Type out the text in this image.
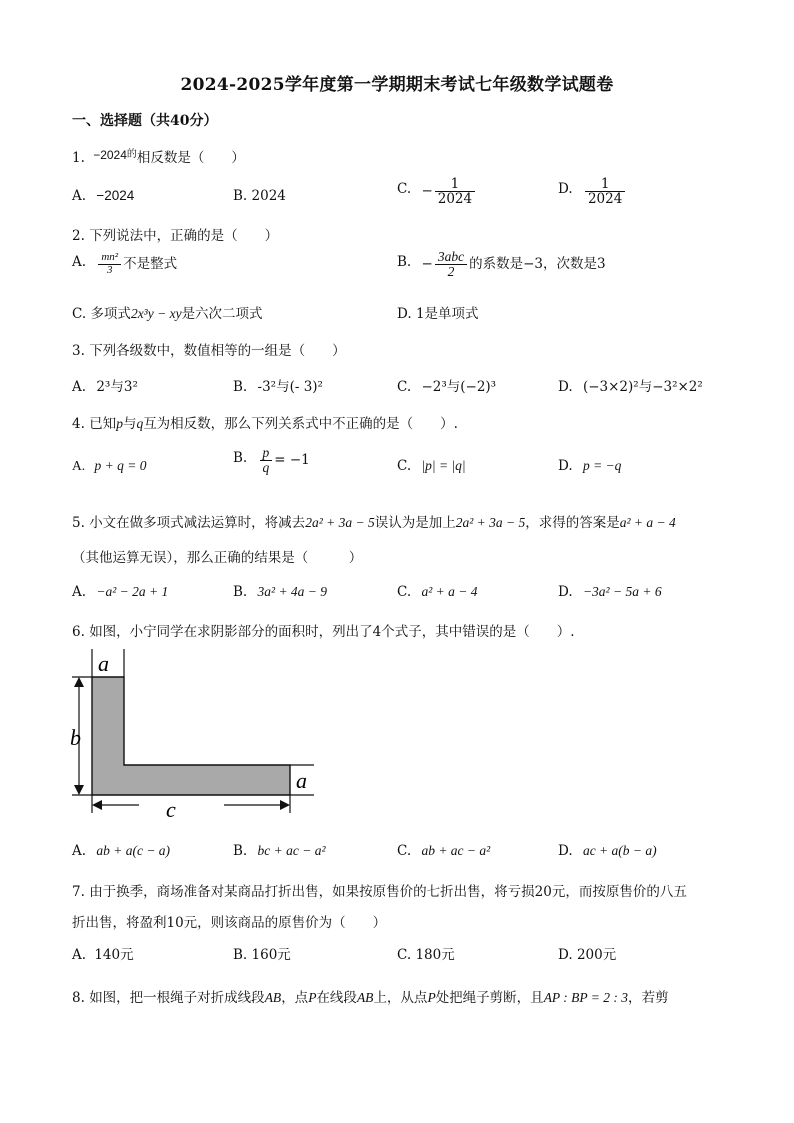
2024-2025学年度第一学期期末考试七年级数学试题卷
一、选择题（共40分）
1. $-2024^的$相反数是（　　）
A. −2024	B. 2024	C. − $\frac{1}{2024}$	D. $\frac{1}{2024}$
2. 下列说法中，正确的是（　　）
A. $\frac{\text{mn²}}{3}$ 不是整式	B. − $\frac{\text{3abc}}{2}$ 的系数是−3，次数是3
C. 多项式2x³y − xy是六次二项式	D. 1是单项式
3. 下列各级数中，数值相等的一组是（　　）
A. 2³与3²	B. -3²与(- 3)²	C. −2³与(−2)³	D. (−3×2)²与−3²×2²
4. 已知p与q互为相反数，那么下列关系式中不正确的是（　　）.
A. p + q = 0	B. $\frac{p}{q} = -1$	C. |p| = |q|	D. p = −q
5. 小文在做多项式减法运算时，将减去2a² + 3a − 5误认为是加上2a² + 3a − 5，求得的答案是a² + a − 4
（其他运算无误），那么正确的结果是（　　　）
A. −a² − 2a + 1	B. 3a² + 4a − 9	C. a² + a − 4	D. −3a² − 5a + 6
6. 如图，小宁同学在求阴影部分的面积时，列出了4个式子，其中错误的是（　　）.
a
b
a
c
A. ab + a(c − a)	B. bc + ac − a²	C. ab + ac − a²	D. ac + a(b − a)
7. 由于换季，商场准备对某商品打折出售，如果按原售价的七折出售，将亏损20元，而按原售价的八五
折出售，将盈利10元，则该商品的原售价为（　　）
A. 140元	B. 160元	C. 180元	D. 200元
8. 如图，把一根绳子对折成线段AB，点P在线段AB上，从点P处把绳子剪断，且AP : BP = 2 : 3，若剪
